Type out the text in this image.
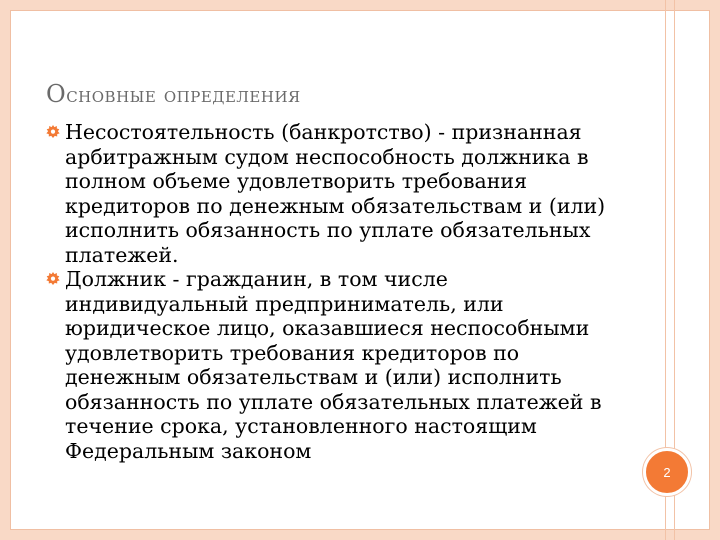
Основные определения
Несостоятельность (банкротство) - признанная арбитражным судом неспособность должника в полном объеме удовлетворить требования кредиторов по денежным обязательствам и (или) исполнить обязанность по уплате обязательных платежей.
Должник - гражданин, в том числе индивидуальный предприниматель, или юридическое лицо, оказавшиеся неспособными удовлетворить требования кредиторов по денежным обязательствам и (или) исполнить обязанность по уплате обязательных платежей в течение срока, установленного настоящим Федеральным законом
2
